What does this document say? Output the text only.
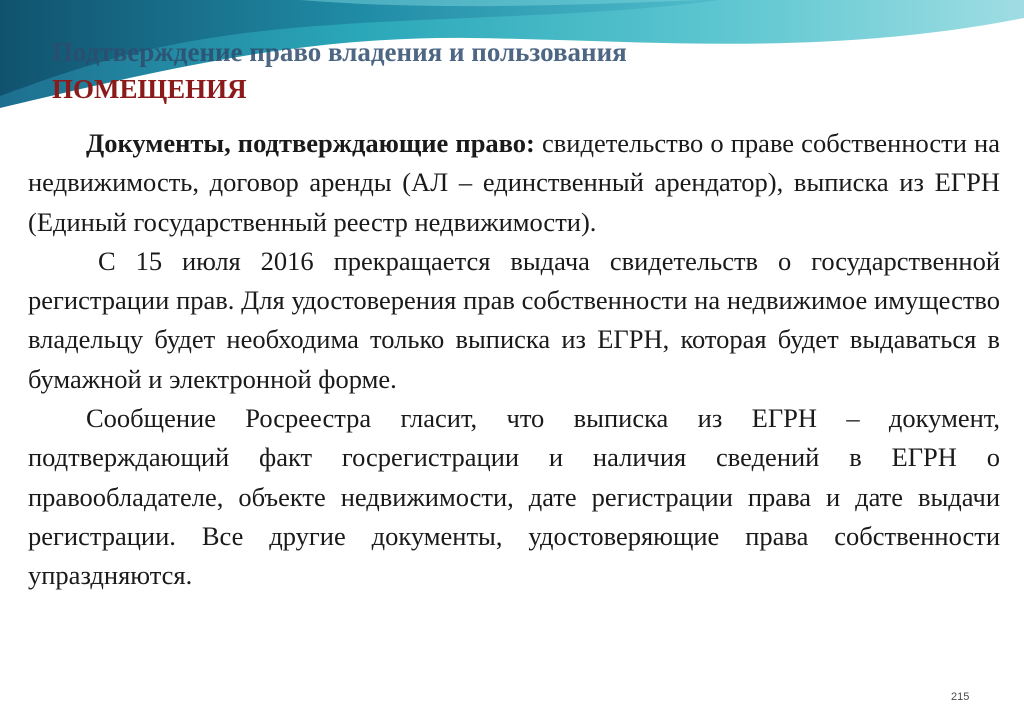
Подтверждение право владения и пользования
ПОМЕЩЕНИЯ

Документы, подтверждающие право: свидетельство о праве собственности на недвижимость, договор аренды (АЛ – единственный арендатор), выписка из ЕГРН (Единый государственный реестр недвижимости).

С 15 июля 2016 прекращается выдача свидетельств о государственной регистрации прав. Для удостоверения прав собственности на недвижимое имущество владельцу будет необходима только выписка из ЕГРН, которая будет выдаваться в бумажной и электронной форме.

Сообщение Росреестра гласит, что выписка из ЕГРН – документ, подтверждающий факт госрегистрации и наличия сведений в ЕГРН о правообладателе, объекте недвижимости, дате регистрации права и дате выдачи регистрации. Все другие документы, удостоверяющие права собственности упраздняются.

215
